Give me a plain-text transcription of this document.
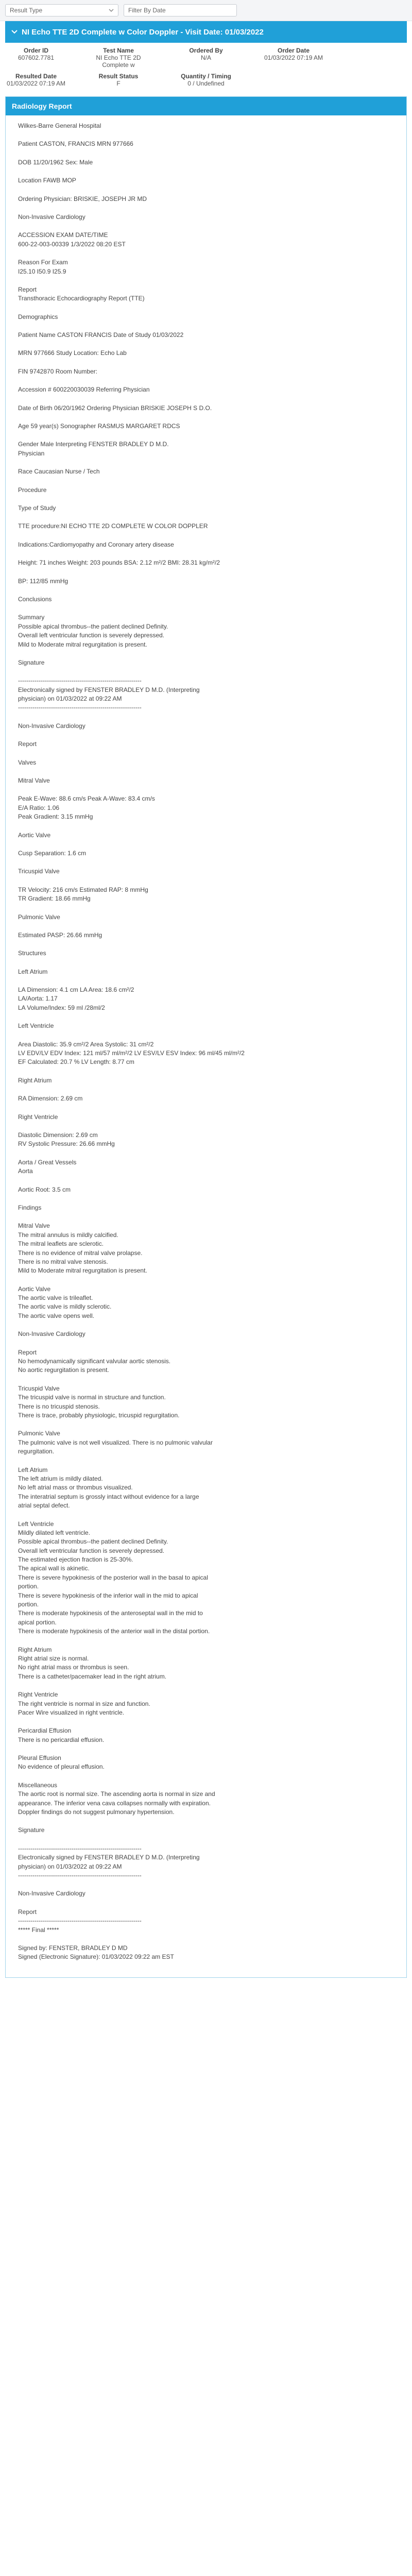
Result Type	Filter By Date
NI Echo TTE 2D Complete w Color Doppler - Visit Date: 01/03/2022
Order ID
607602.7781
Test Name
NI Echo TTE 2D Complete w
Ordered By
N/A
Order Date
01/03/2022 07:19 AM
Resulted Date
01/03/2022 07:19 AM
Result Status
F
Quantity / Timing
0 / Undefined
Radiology Report

Wilkes-Barre General Hospital

Patient CASTON, FRANCIS MRN 977666

DOB 11/20/1962 Sex: Male

Location FAWB MOP

Ordering Physician: BRISKIE, JOSEPH JR MD

Non-Invasive Cardiology

ACCESSION EXAM DATE/TIME
600-22-003-00339 1/3/2022 08:20 EST

Reason For Exam
I25.10 I50.9 I25.9

Report
Transthoracic Echocardiography Report (TTE)

Demographics

Patient Name CASTON FRANCIS Date of Study 01/03/2022

MRN 977666 Study Location: Echo Lab

FIN 9742870 Room Number:

Accession # 600220030039 Referring Physician

Date of Birth 06/20/1962 Ordering Physician BRISKIE JOSEPH S D.O.

Age 59 year(s) Sonographer RASMUS MARGARET RDCS

Gender Male Interpreting FENSTER BRADLEY D M.D.
Physician

Race Caucasian Nurse / Tech

Procedure

Type of Study

TTE procedure:NI ECHO TTE 2D COMPLETE W COLOR DOPPLER

Indications:Cardiomyopathy and Coronary artery disease

Height: 71 inches Weight: 203 pounds BSA: 2.12 m²/2 BMI: 28.31 kg/m²/2

BP: 112/85 mmHg

Conclusions

Summary
Possible apical thrombus--the patient declined Definity.
Overall left ventricular function is severely depressed.
Mild to Moderate mitral regurgitation is present.

Signature

------------------------------------------------------------
Electronically signed by FENSTER BRADLEY D M.D. (Interpreting
physician) on 01/03/2022 at 09:22 AM
------------------------------------------------------------

Non-Invasive Cardiology

Report

Valves

Mitral Valve

Peak E-Wave: 88.6 cm/s Peak A-Wave: 83.4 cm/s
E/A Ratio: 1.06
Peak Gradient: 3.15 mmHg

Aortic Valve

Cusp Separation: 1.6 cm

Tricuspid Valve

TR Velocity: 216 cm/s Estimated RAP: 8 mmHg
TR Gradient: 18.66 mmHg

Pulmonic Valve

Estimated PASP: 26.66 mmHg

Structures

Left Atrium

LA Dimension: 4.1 cm LA Area: 18.6 cm²/2
LA/Aorta: 1.17
LA Volume/Index: 59 ml /28ml/2

Left Ventricle

Area Diastolic: 35.9 cm²/2 Area Systolic: 31 cm²/2
LV EDV/LV EDV Index: 121 ml/57 ml/m²/2 LV ESV/LV ESV Index: 96 ml/45 ml/m²/2
EF Calculated: 20.7 % LV Length: 8.77 cm

Right Atrium

RA Dimension: 2.69 cm

Right Ventricle

Diastolic Dimension: 2.69 cm
RV Systolic Pressure: 26.66 mmHg

Aorta / Great Vessels
Aorta

Aortic Root: 3.5 cm

Findings

Mitral Valve
The mitral annulus is mildly calcified.
The mitral leaflets are sclerotic.
There is no evidence of mitral valve prolapse.
There is no mitral valve stenosis.
Mild to Moderate mitral regurgitation is present.

Aortic Valve
The aortic valve is trileaflet.
The aortic valve is mildly sclerotic.
The aortic valve opens well.

Non-Invasive Cardiology

Report
No hemodynamically significant valvular aortic stenosis.
No aortic regurgitation is present.

Tricuspid Valve
The tricuspid valve is normal in structure and function.
There is no tricuspid stenosis.
There is trace, probably physiologic, tricuspid regurgitation.

Pulmonic Valve
The pulmonic valve is not well visualized. There is no pulmonic valvular
regurgitation.

Left Atrium
The left atrium is mildly dilated.
No left atrial mass or thrombus visualized.
The interatrial septum is grossly intact without evidence for a large
atrial septal defect.

Left Ventricle
Mildly dilated left ventricle.
Possible apical thrombus--the patient declined Definity.
Overall left ventricular function is severely depressed.
The estimated ejection fraction is 25-30%.
The apical wall is akinetic.
There is severe hypokinesis of the posterior wall in the basal to apical
portion.
There is severe hypokinesis of the inferior wall in the mid to apical
portion.
There is moderate hypokinesis of the anteroseptal wall in the mid to
apical portion.
There is moderate hypokinesis of the anterior wall in the distal portion.

Right Atrium
Right atrial size is normal.
No right atrial mass or thrombus is seen.
There is a catheter/pacemaker lead in the right atrium.

Right Ventricle
The right ventricle is normal in size and function.
Pacer Wire visualized in right ventricle.

Pericardial Effusion
There is no pericardial effusion.

Pleural Effusion
No evidence of pleural effusion.

Miscellaneous
The aortic root is normal size. The ascending aorta is normal in size and
appearance. The inferior vena cava collapses normally with expiration.
Doppler findings do not suggest pulmonary hypertension.

Signature

------------------------------------------------------------
Electronically signed by FENSTER BRADLEY D M.D. (Interpreting
physician) on 01/03/2022 at 09:22 AM
------------------------------------------------------------

Non-Invasive Cardiology

Report
------------------------------------------------------------
***** Final *****

Signed by: FENSTER, BRADLEY D MD
Signed (Electronic Signature): 01/03/2022 09:22 am EST
